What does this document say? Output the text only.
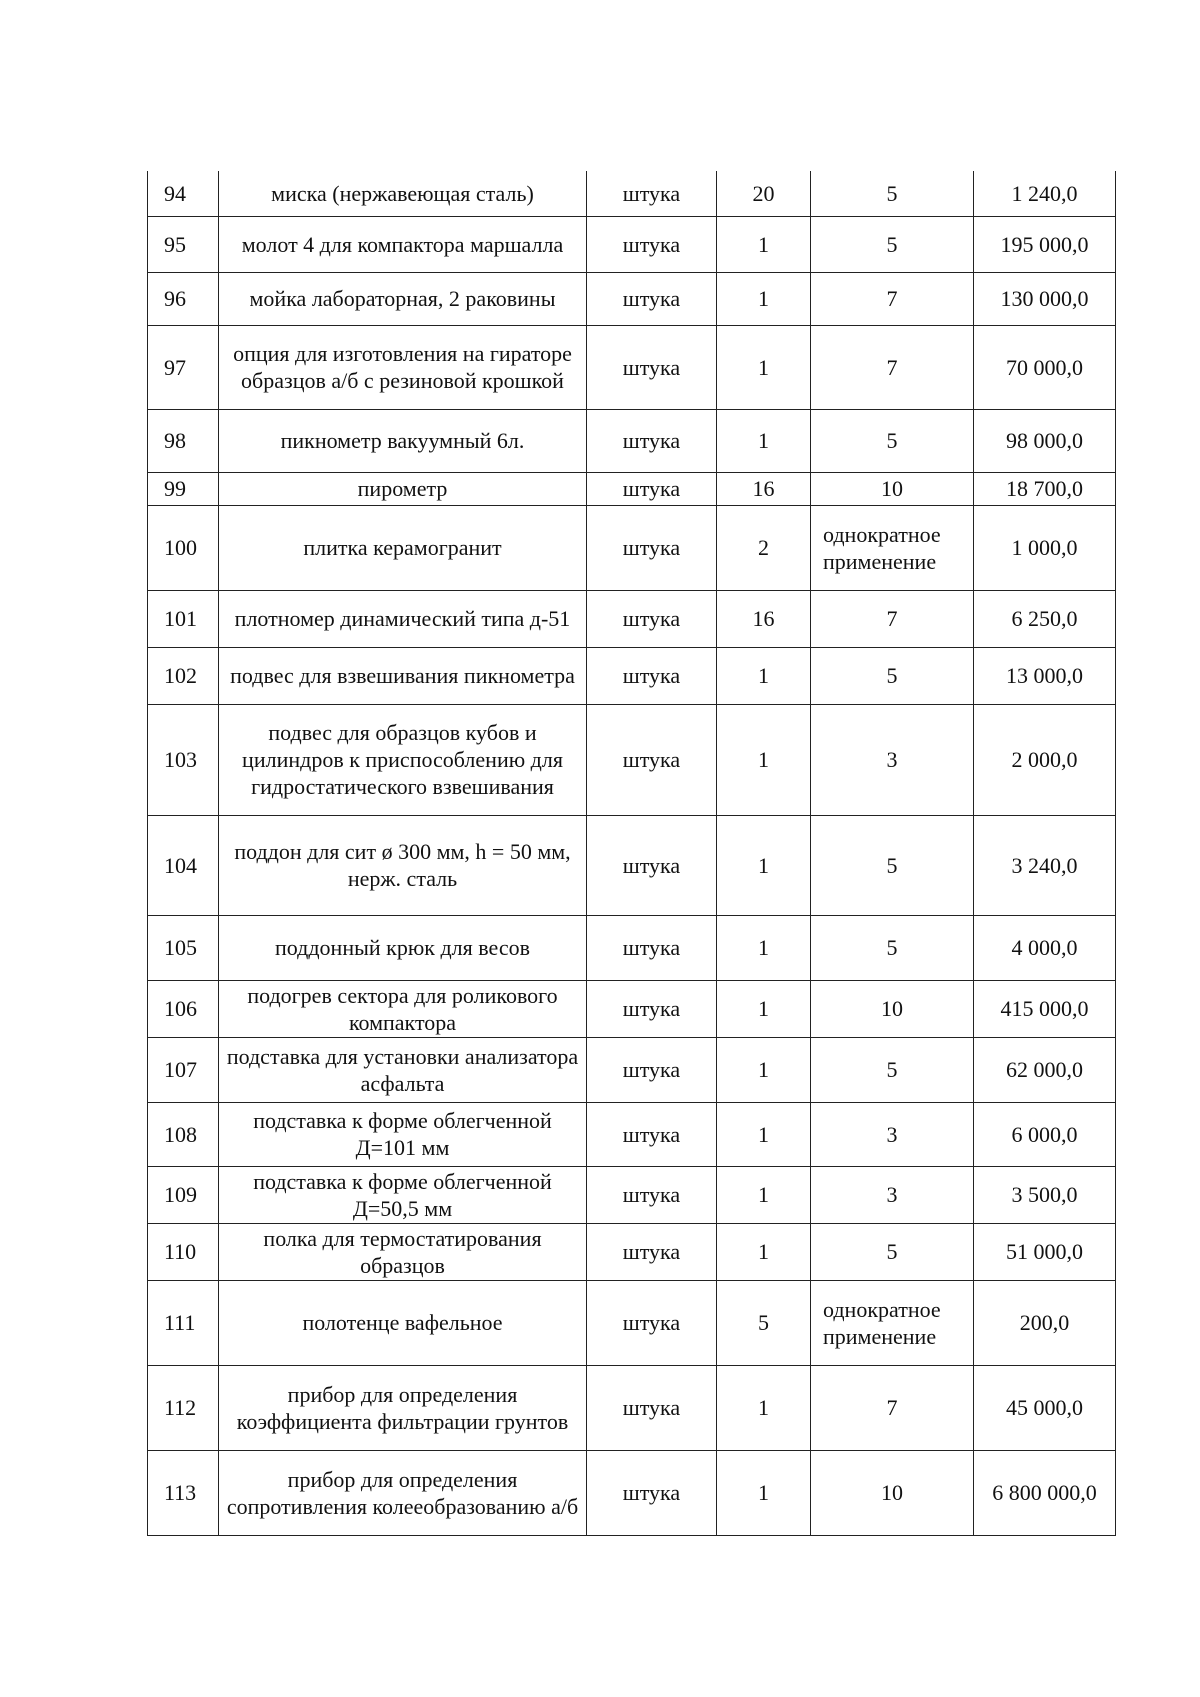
94	миска (нержавеющая сталь)	штука	20	5	1 240,0
95	молот 4 для компактора маршалла	штука	1	5	195 000,0
96	мойка лабораторная, 2 раковины	штука	1	7	130 000,0
97	опция для изготовления на гираторе образцов а/б с резиновой крошкой	штука	1	7	70 000,0
98	пикнометр вакуумный 6л.	штука	1	5	98 000,0
99	пирометр	штука	16	10	18 700,0
100	плитка керамогранит	штука	2	однократное применение	1 000,0
101	плотномер динамический типа д-51	штука	16	7	6 250,0
102	подвес для взвешивания пикнометра	штука	1	5	13 000,0
103	подвес для образцов кубов и цилиндров к приспособлению для гидростатического взвешивания	штука	1	3	2 000,0
104	поддон для сит ø 300 мм, h = 50 мм, нерж. сталь	штука	1	5	3 240,0
105	поддонный крюк для весов	штука	1	5	4 000,0
106	подогрев сектора для роликового компактора	штука	1	10	415 000,0
107	подставка для установки анализатора асфальта	штука	1	5	62 000,0
108	подставка к форме облегченной Д=101 мм	штука	1	3	6 000,0
109	подставка к форме облегченной Д=50,5 мм	штука	1	3	3 500,0
110	полка для термостатирования образцов	штука	1	5	51 000,0
111	полотенце вафельное	штука	5	однократное применение	200,0
112	прибор для определения коэффициента фильтрации грунтов	штука	1	7	45 000,0
113	прибор для определения сопротивления колееобразованию а/б	штука	1	10	6 800 000,0
